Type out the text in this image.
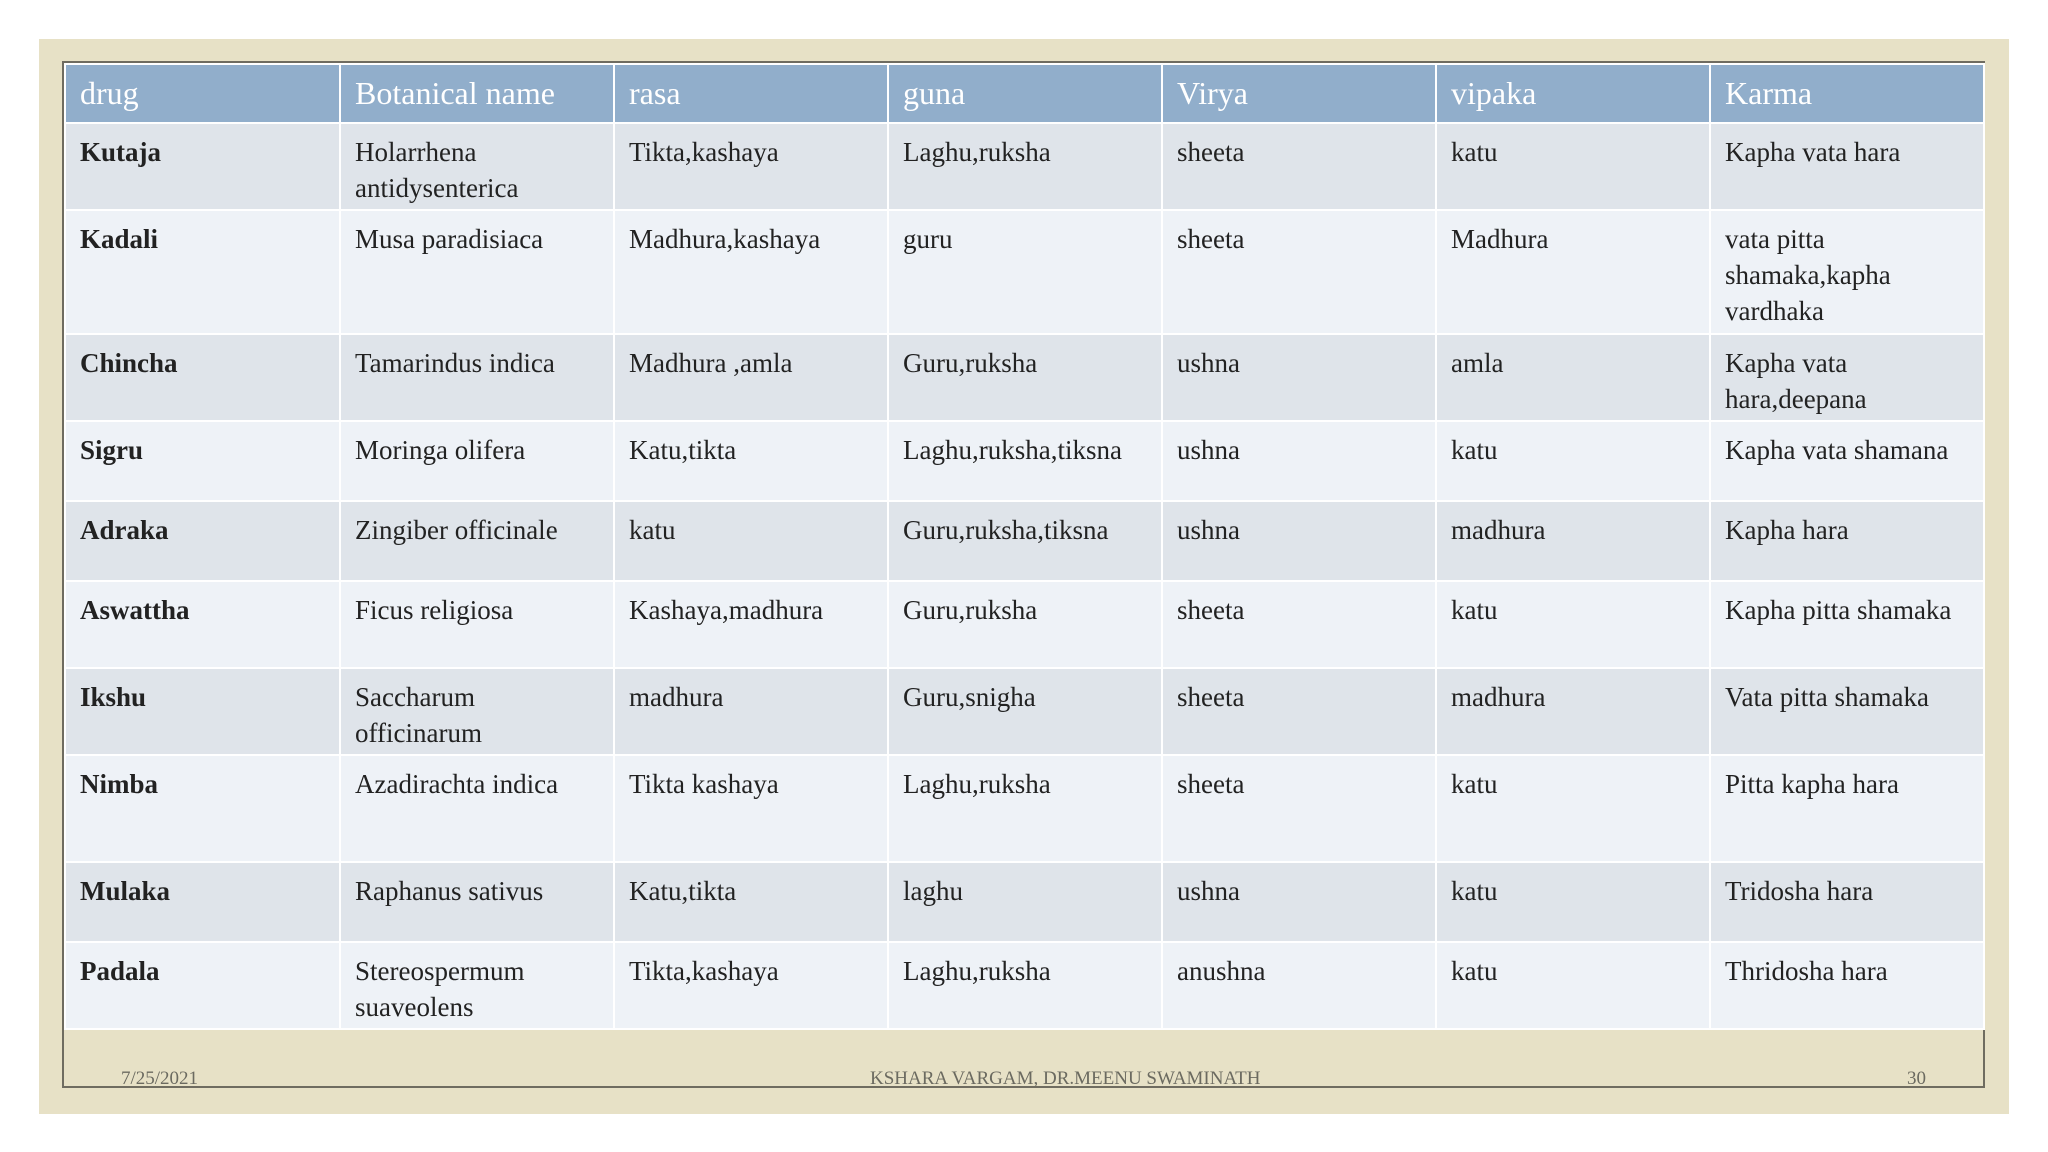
drug	Botanical name	rasa	guna	Virya	vipaka	Karma
Kutaja	Holarrhena antidysenterica	Tikta,kashaya	Laghu,ruksha	sheeta	katu	Kapha vata hara
Kadali	Musa paradisiaca	Madhura,kashaya	guru	sheeta	Madhura	vata pitta shamaka,kapha vardhaka
Chincha	Tamarindus indica	Madhura ,amla	Guru,ruksha	ushna	amla	Kapha vata hara,deepana
Sigru	Moringa olifera	Katu,tikta	Laghu,ruksha,tiksna	ushna	katu	Kapha vata shamana
Adraka	Zingiber officinale	katu	Guru,ruksha,tiksna	ushna	madhura	Kapha hara
Aswattha	Ficus religiosa	Kashaya,madhura	Guru,ruksha	sheeta	katu	Kapha pitta shamaka
Ikshu	Saccharum officinarum	madhura	Guru,snigha	sheeta	madhura	Vata pitta shamaka
Nimba	Azadirachta indica	Tikta kashaya	Laghu,ruksha	sheeta	katu	Pitta kapha hara
Mulaka	Raphanus sativus	Katu,tikta	laghu	ushna	katu	Tridosha hara
Padala	Stereospermum suaveolens	Tikta,kashaya	Laghu,ruksha	anushna	katu	Thridosha hara
7/25/2021	KSHARA VARGAM, DR.MEENU SWAMINATH	30
